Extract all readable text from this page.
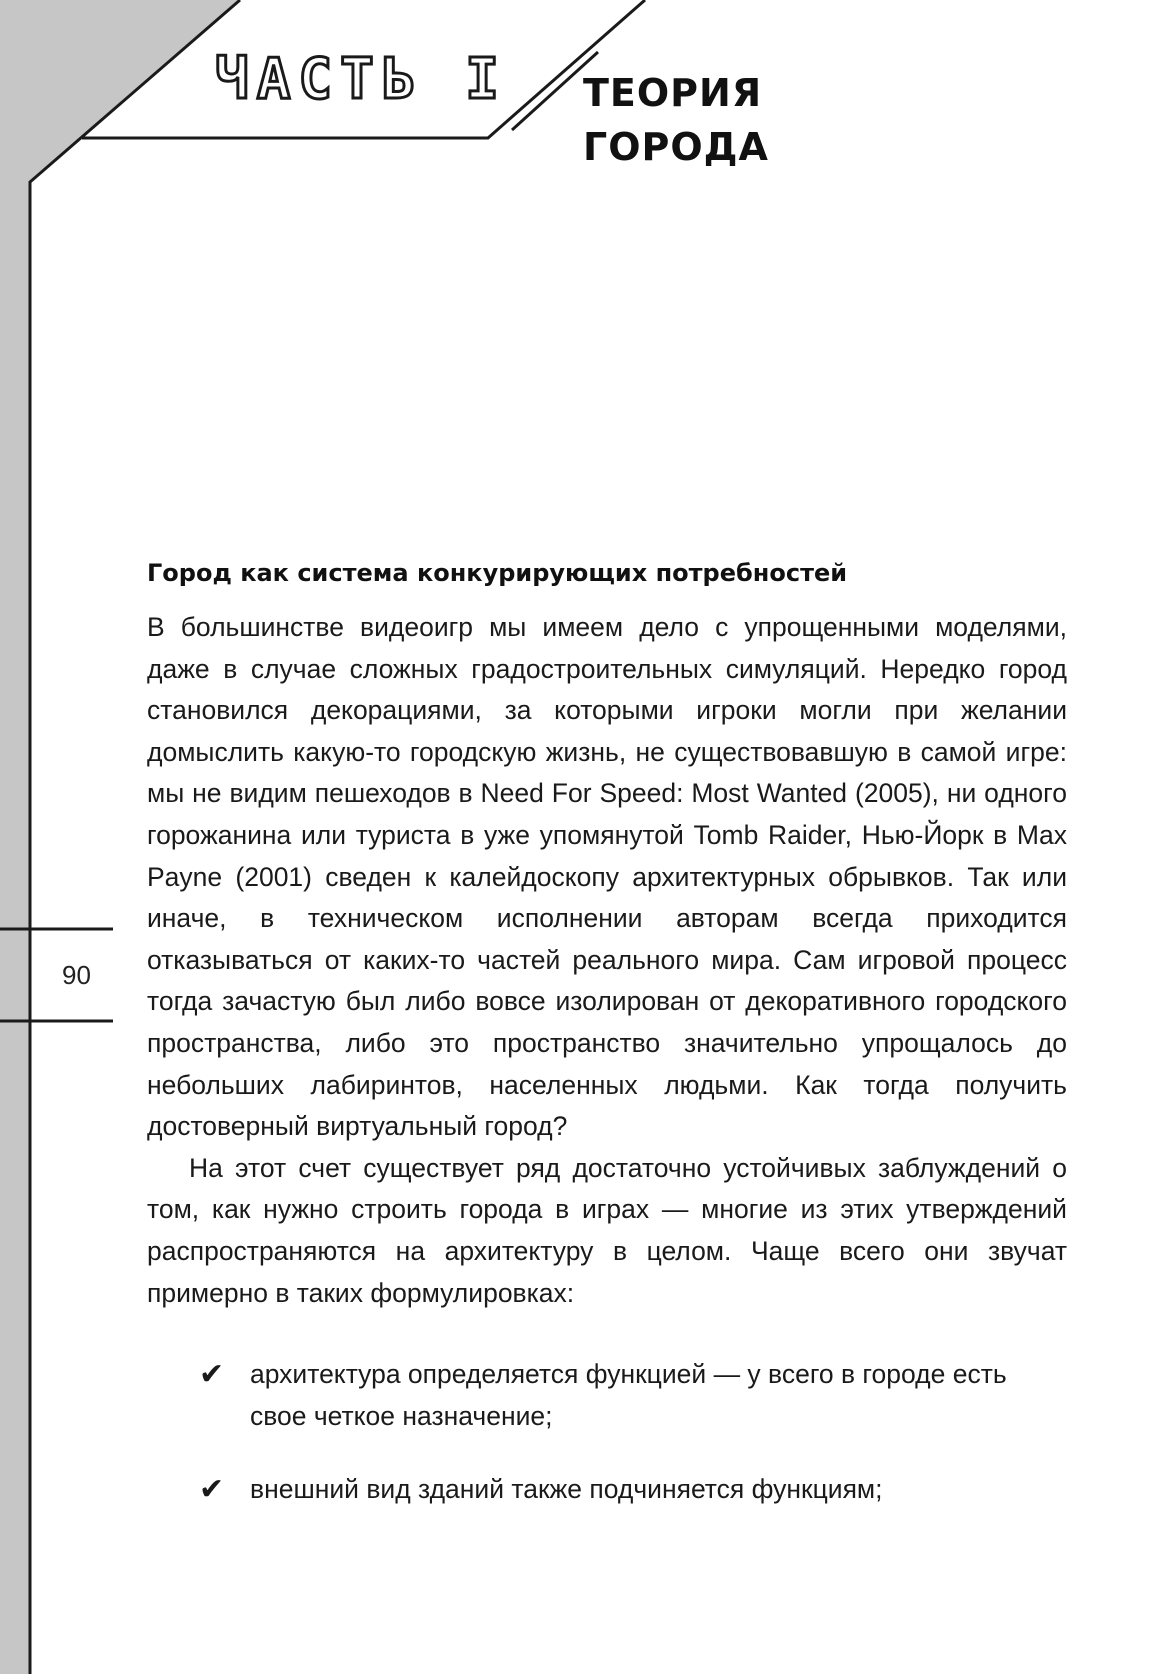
ЧАСТЬ I ТЕОРИЯ
ГОРОДА
90
Город как система конкурирующих потребностей

В большинстве видеоигр мы имеем дело с упрощенными моделями, даже в случае сложных градостроительных симуляций. Нередко город становился декорациями, за которыми игроки могли при желании домыслить какую-то городскую жизнь, не существовавшую в самой игре: мы не видим пешеходов в Need For Speed: Most Wanted (2005), ни одного горожанина или туриста в уже упомянутой Tomb Raider, Нью-Йорк в Max Payne (2001) сведен к калейдоскопу архитектурных обрывков. Так или иначе, в техническом исполнении авторам всегда приходится отказываться от каких-то частей реального мира. Сам игровой процесс тогда зачастую был либо вовсе изолирован от декоративного городского пространства, либо это пространство значительно упрощалось до небольших лабиринтов, населенных людьми. Как тогда получить достоверный виртуальный город?

На этот счет существует ряд достаточно устойчивых заблуждений о том, как нужно строить города в играх — многие из этих утверждений распространяются на архитектуру в целом. Чаще всего они звучат примерно в таких формулировках:

✔ архитектура определяется функцией — у всего в городе есть свое четкое назначение;
✔ внешний вид зданий также подчиняется функциям;
